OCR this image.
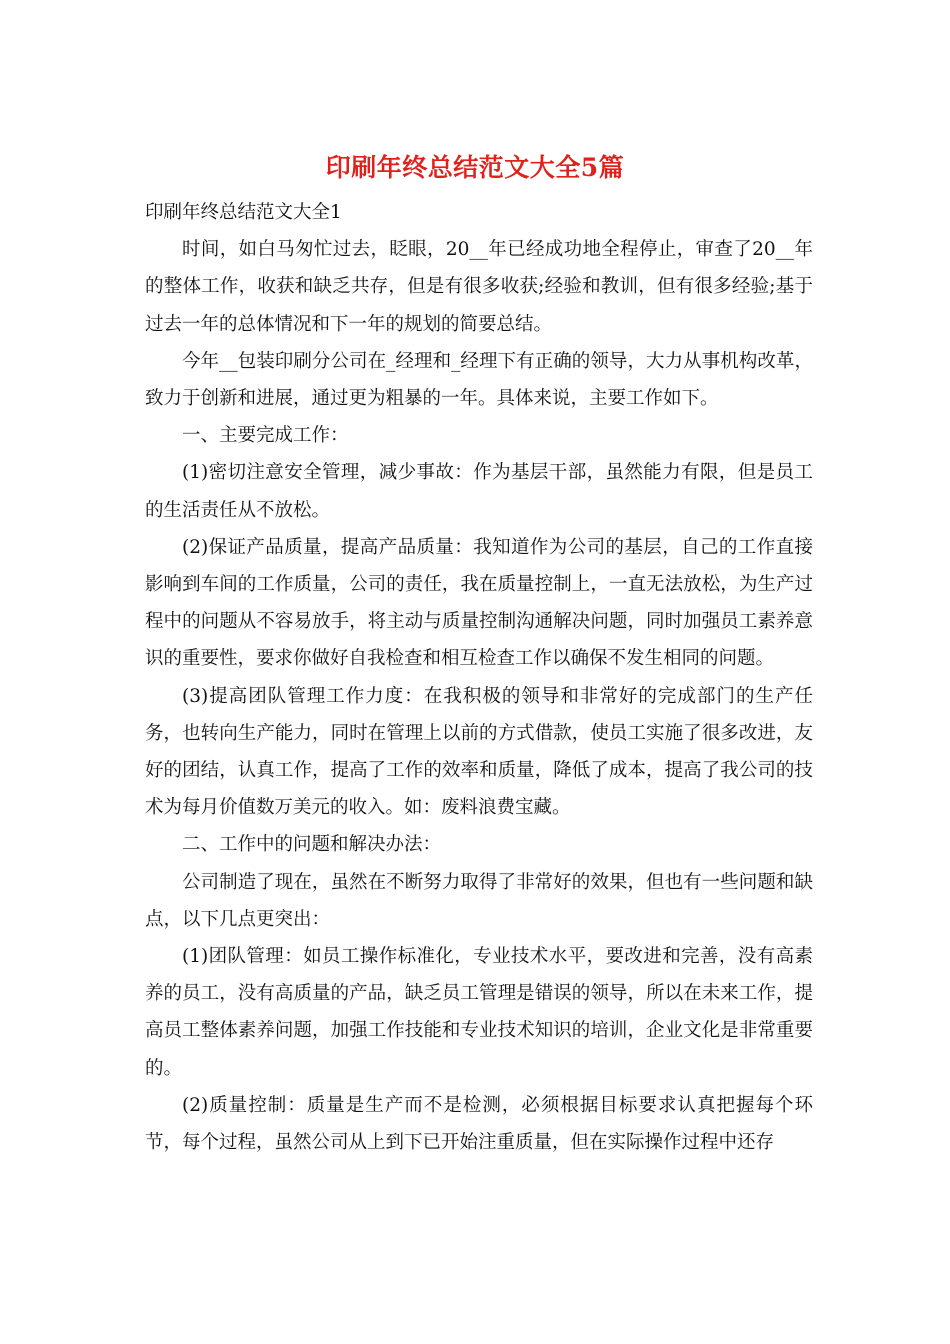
印刷年终总结范文大全5篇

印刷年终总结范文大全1

时间，如白马匆忙过去，眨眼，20__年已经成功地全程停止，审查了20__年的整体工作，收获和缺乏共存，但是有很多收获;经验和教训，但有很多经验;基于过去一年的总体情况和下一年的规划的简要总结。

今年__包装印刷分公司在_经理和_经理下有正确的领导，大力从事机构改革，致力于创新和进展，通过更为粗暴的一年。具体来说，主要工作如下。

一、主要完成工作：

(1)密切注意安全管理，减少事故：作为基层干部，虽然能力有限，但是员工的生活责任从不放松。

(2)保证产品质量，提高产品质量：我知道作为公司的基层，自己的工作直接影响到车间的工作质量，公司的责任，我在质量控制上，一直无法放松，为生产过程中的问题从不容易放手，将主动与质量控制沟通解决问题，同时加强员工素养意识的重要性，要求你做好自我检查和相互检查工作以确保不发生相同的问题。

(3)提高团队管理工作力度：在我积极的领导和非常好的完成部门的生产任务，也转向生产能力，同时在管理上以前的方式借款，使员工实施了很多改进，友好的团结，认真工作，提高了工作的效率和质量，降低了成本，提高了我公司的技术为每月价值数万美元的收入。如：废料浪费宝藏。

二、工作中的问题和解决办法：

公司制造了现在，虽然在不断努力取得了非常好的效果，但也有一些问题和缺点，以下几点更突出：

(1)团队管理：如员工操作标准化，专业技术水平，要改进和完善，没有高素养的员工，没有高质量的产品，缺乏员工管理是错误的领导，所以在未来工作，提高员工整体素养问题，加强工作技能和专业技术知识的培训，企业文化是非常重要的。

(2)质量控制：质量是生产而不是检测，必须根据目标要求认真把握每个环节，每个过程，虽然公司从上到下已开始注重质量，但在实际操作过程中还存
